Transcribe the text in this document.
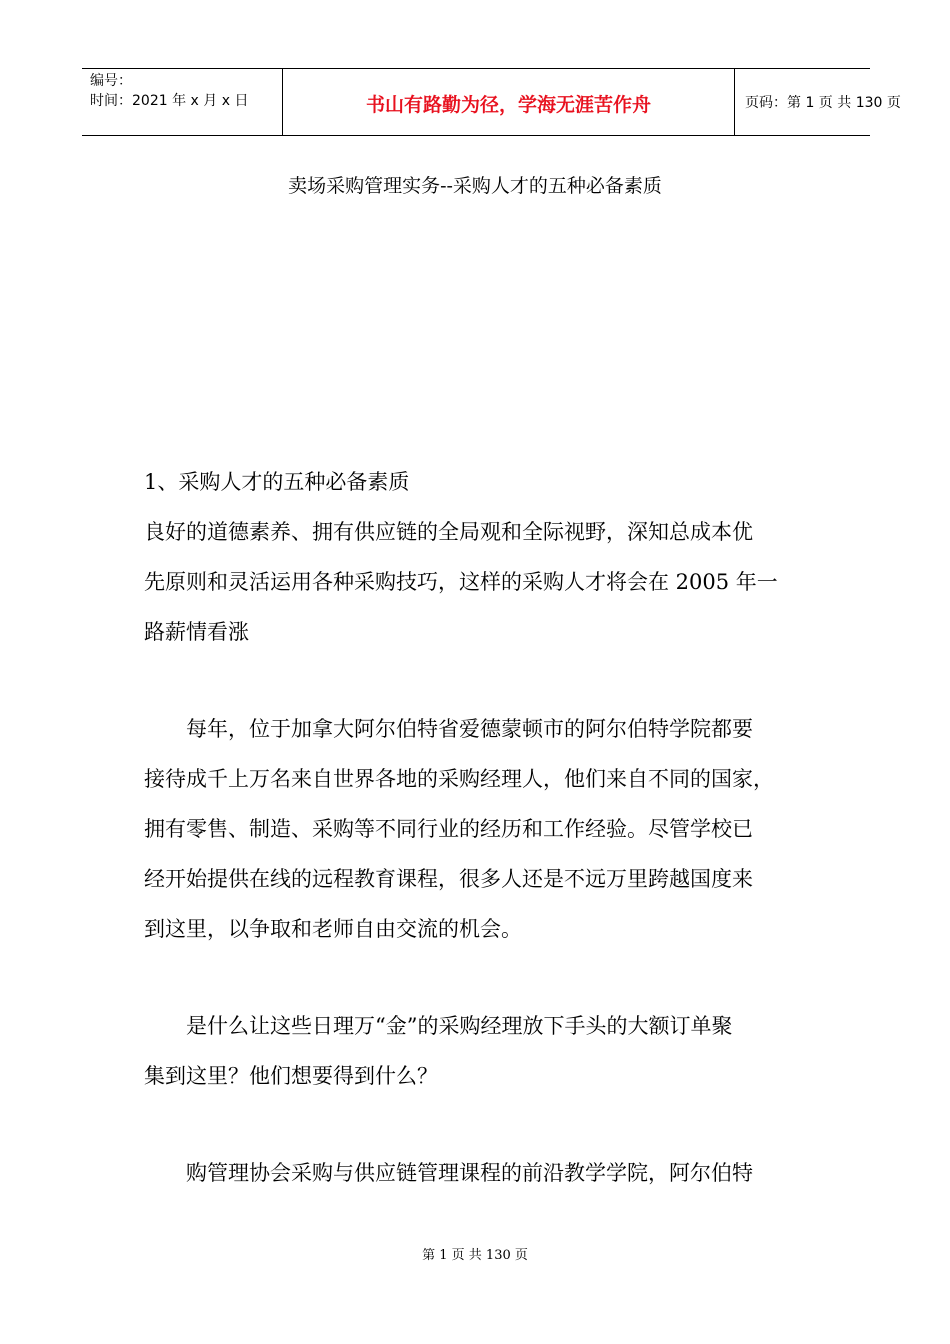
编号：
时间：2021 年 x 月 x 日	书山有路勤为径，学海无涯苦作舟	页码：第 1 页 共 130 页
卖场采购管理实务--采购人才的五种必备素质
1、采购人才的五种必备素质
良好的道德素养、拥有供应链的全局观和全际视野，深知总成本优
先原则和灵活运用各种采购技巧，这样的采购人才将会在 2005 年一
路薪情看涨
　　每年，位于加拿大阿尔伯特省爱德蒙顿市的阿尔伯特学院都要
接待成千上万名来自世界各地的采购经理人，他们来自不同的国家，
拥有零售、制造、采购等不同行业的经历和工作经验。尽管学校已
经开始提供在线的远程教育课程，很多人还是不远万里跨越国度来
到这里，以争取和老师自由交流的机会。
　　是什么让这些日理万“金”的采购经理放下手头的大额订单聚
集到这里？他们想要得到什么？
　　购管理协会采购与供应链管理课程的前沿教学学院，阿尔伯特
第 1 页 共 130 页
